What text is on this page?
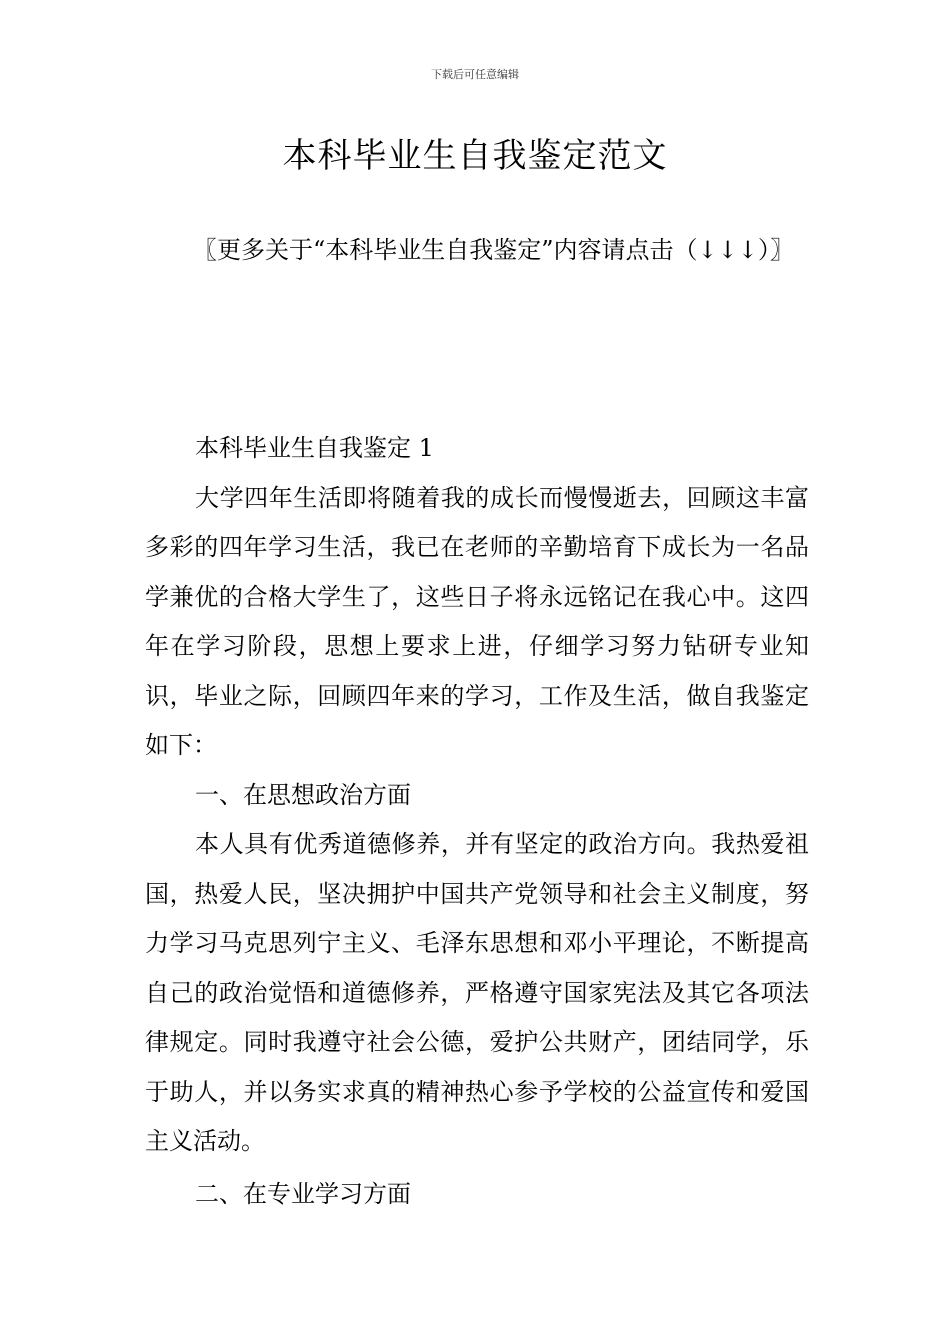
下载后可任意编辑
本科毕业生自我鉴定范文
〖更多关于“本科毕业生自我鉴定”内容请点击（↓↓↓）〗

本科毕业生自我鉴定 1

大学四年生活即将随着我的成长而慢慢逝去，回顾这丰富多彩的四年学习生活，我已在老师的辛勤培育下成长为一名品学兼优的合格大学生了，这些日子将永远铭记在我心中。这四年在学习阶段，思想上要求上进，仔细学习努力钻研专业知识，毕业之际，回顾四年来的学习，工作及生活，做自我鉴定如下：

一、在思想政治方面

本人具有优秀道德修养，并有坚定的政治方向。我热爱祖国，热爱人民，坚决拥护中国共产党领导和社会主义制度，努力学习马克思列宁主义、毛泽东思想和邓小平理论，不断提高自己的政治觉悟和道德修养，严格遵守国家宪法及其它各项法律规定。同时我遵守社会公德，爱护公共财产，团结同学，乐于助人，并以务实求真的精神热心参予学校的公益宣传和爱国主义活动。

二、在专业学习方面
